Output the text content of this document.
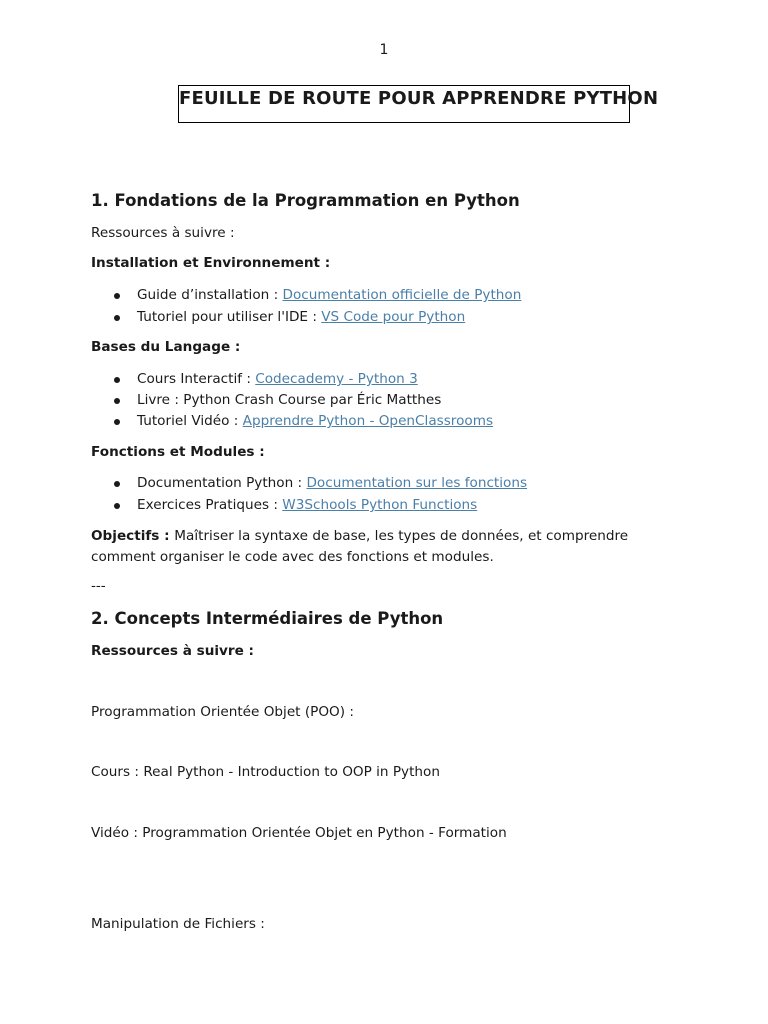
1
FEUILLE DE ROUTE POUR APPRENDRE PYTHON
1. Fondations de la Programmation en Python
Ressources à suivre :
Installation et Environnement :
Guide d’installation : Documentation officielle de Python
Tutoriel pour utiliser l'IDE : VS Code pour Python
Bases du Langage :
Cours Interactif : Codecademy - Python 3
Livre : Python Crash Course par Éric Matthes
Tutoriel Vidéo : Apprendre Python - OpenClassrooms
Fonctions et Modules :
Documentation Python : Documentation sur les fonctions
Exercices Pratiques : W3Schools Python Functions
Objectifs : Maîtriser la syntaxe de base, les types de données, et comprendre comment organiser le code avec des fonctions et modules.
---
2. Concepts Intermédiaires de Python
Ressources à suivre :
Programmation Orientée Objet (POO) :
Cours : Real Python - Introduction to OOP in Python
Vidéo : Programmation Orientée Objet en Python - Formation
Manipulation de Fichiers :
